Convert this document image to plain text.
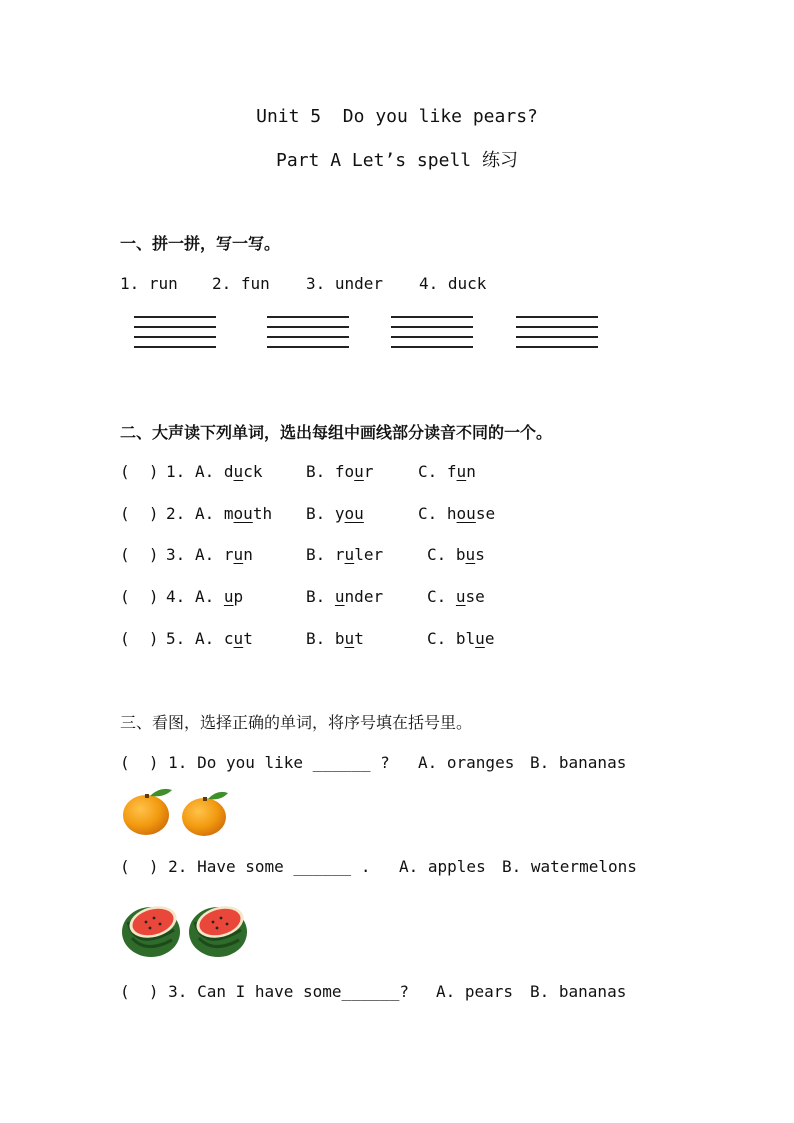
Unit 5  Do you like pears?
Part A Let’s spell 练习
一、拼一拼，写一写。
1. run 2. fun 3. under 4. duck
二、大声读下列单词，选出每组中画线部分读音不同的一个。
(  ) 1. A. duck	B. four	C. fun
(  ) 2. A. mouth B. you	C. house
(  ) 3. A. run	B. ruler	C. bus
(  ) 4. A. up	B. under	C. use
(  ) 5. A. cut	B. but	C. blue
三、看图，选择正确的单词，将序号填在括号里。
(  ) 1. Do you like ______ ? A. oranges B. bananas
(  ) 2. Have some ______ . A. apples B. watermelons
(  ) 3. Can I have some______? A. pears B. bananas
